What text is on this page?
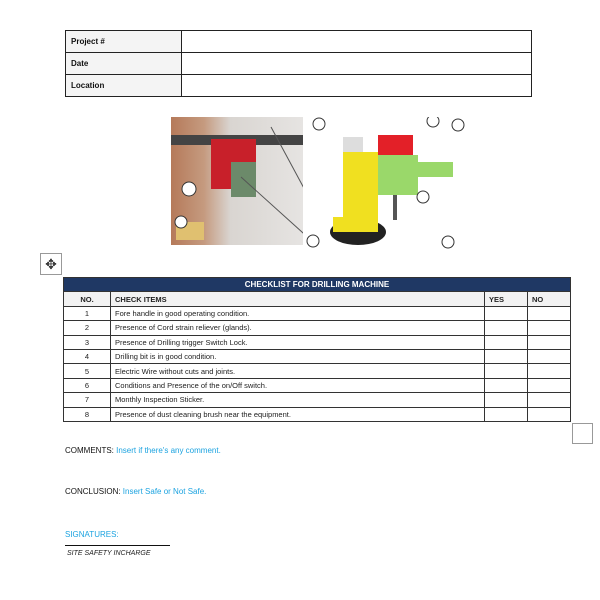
Project #	
Date	
Location	
✥
CHECKLIST FOR DRILLING MACHINE			
NO.	CHECK ITEMS	YES	NO
1	Fore handle in good operating condition.		
2	Presence of Cord strain reliever (glands).		
3	Presence of Drilling trigger Switch Lock.		
4	Drilling bit is in good condition.		
5	Electric Wire without cuts and joints.		
6	Conditions and Presence of the on/Off switch.		
7	Monthly Inspection Sticker.		
8	Presence of dust cleaning brush near the equipment.		
COMMENTS: Insert if there's any comment.
CONCLUSION: Insert Safe or Not Safe.
SIGNATURES:
SITE SAFETY INCHARGE
